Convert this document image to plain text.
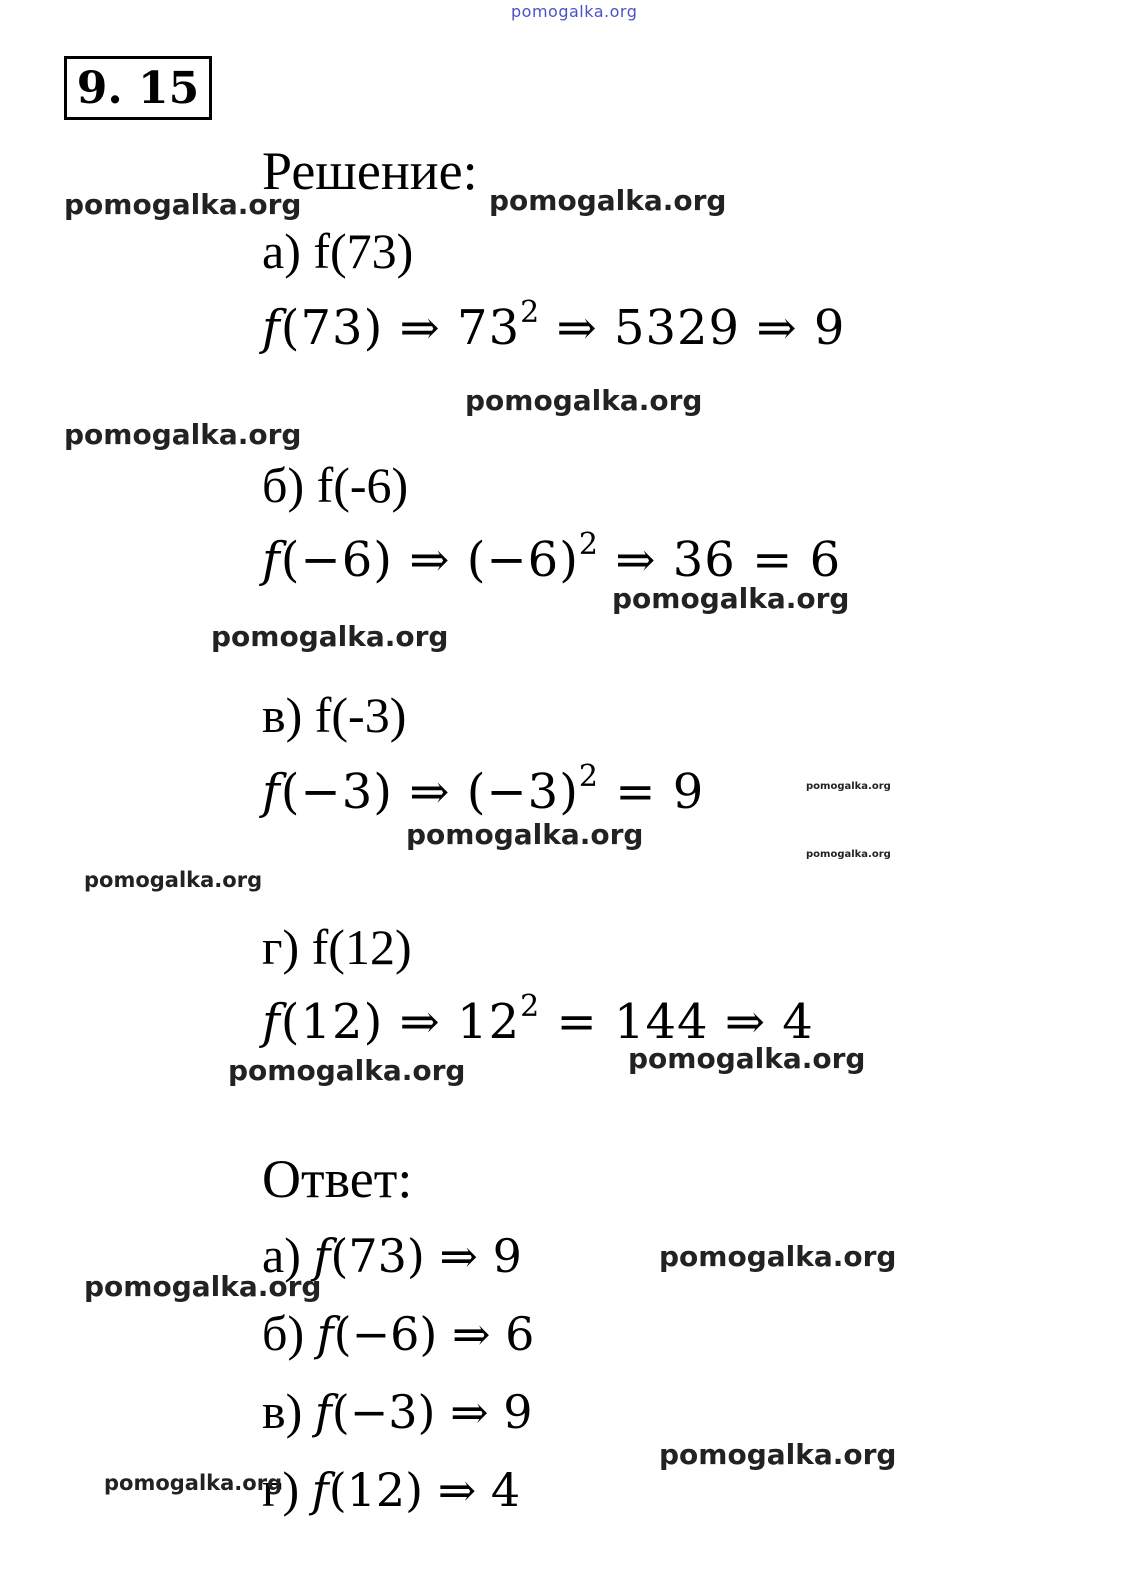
pomogalka.org
9. 15
Решение:
а) f(73)
f(73) ⇒ $73^2$ ⇒ 5329 ⇒ 9
б) f(-6)
f(−6) ⇒ $(-6)^2$ ⇒ 36 = 6
в) f(-3)
f(−3) ⇒ $(-3)^2 = 9$
г) f(12)
f(12) ⇒ $12^2 = 144$ ⇒ 4
Ответ:
а) f(73) ⇒ 9
б) f(−6) ⇒ 6
в) f(−3) ⇒ 9
г) f(12) ⇒ 4
pomogalka.org	pomogalka.org
pomogalka.org
pomogalka.org
pomogalka.org
pomogalka.org
pomogalka.org
pomogalka.org
pomogalka.org
pomogalka.org
pomogalka.org
pomogalka.org
pomogalka.org
pomogalka.org
pomogalka.org
pomogalka.org
